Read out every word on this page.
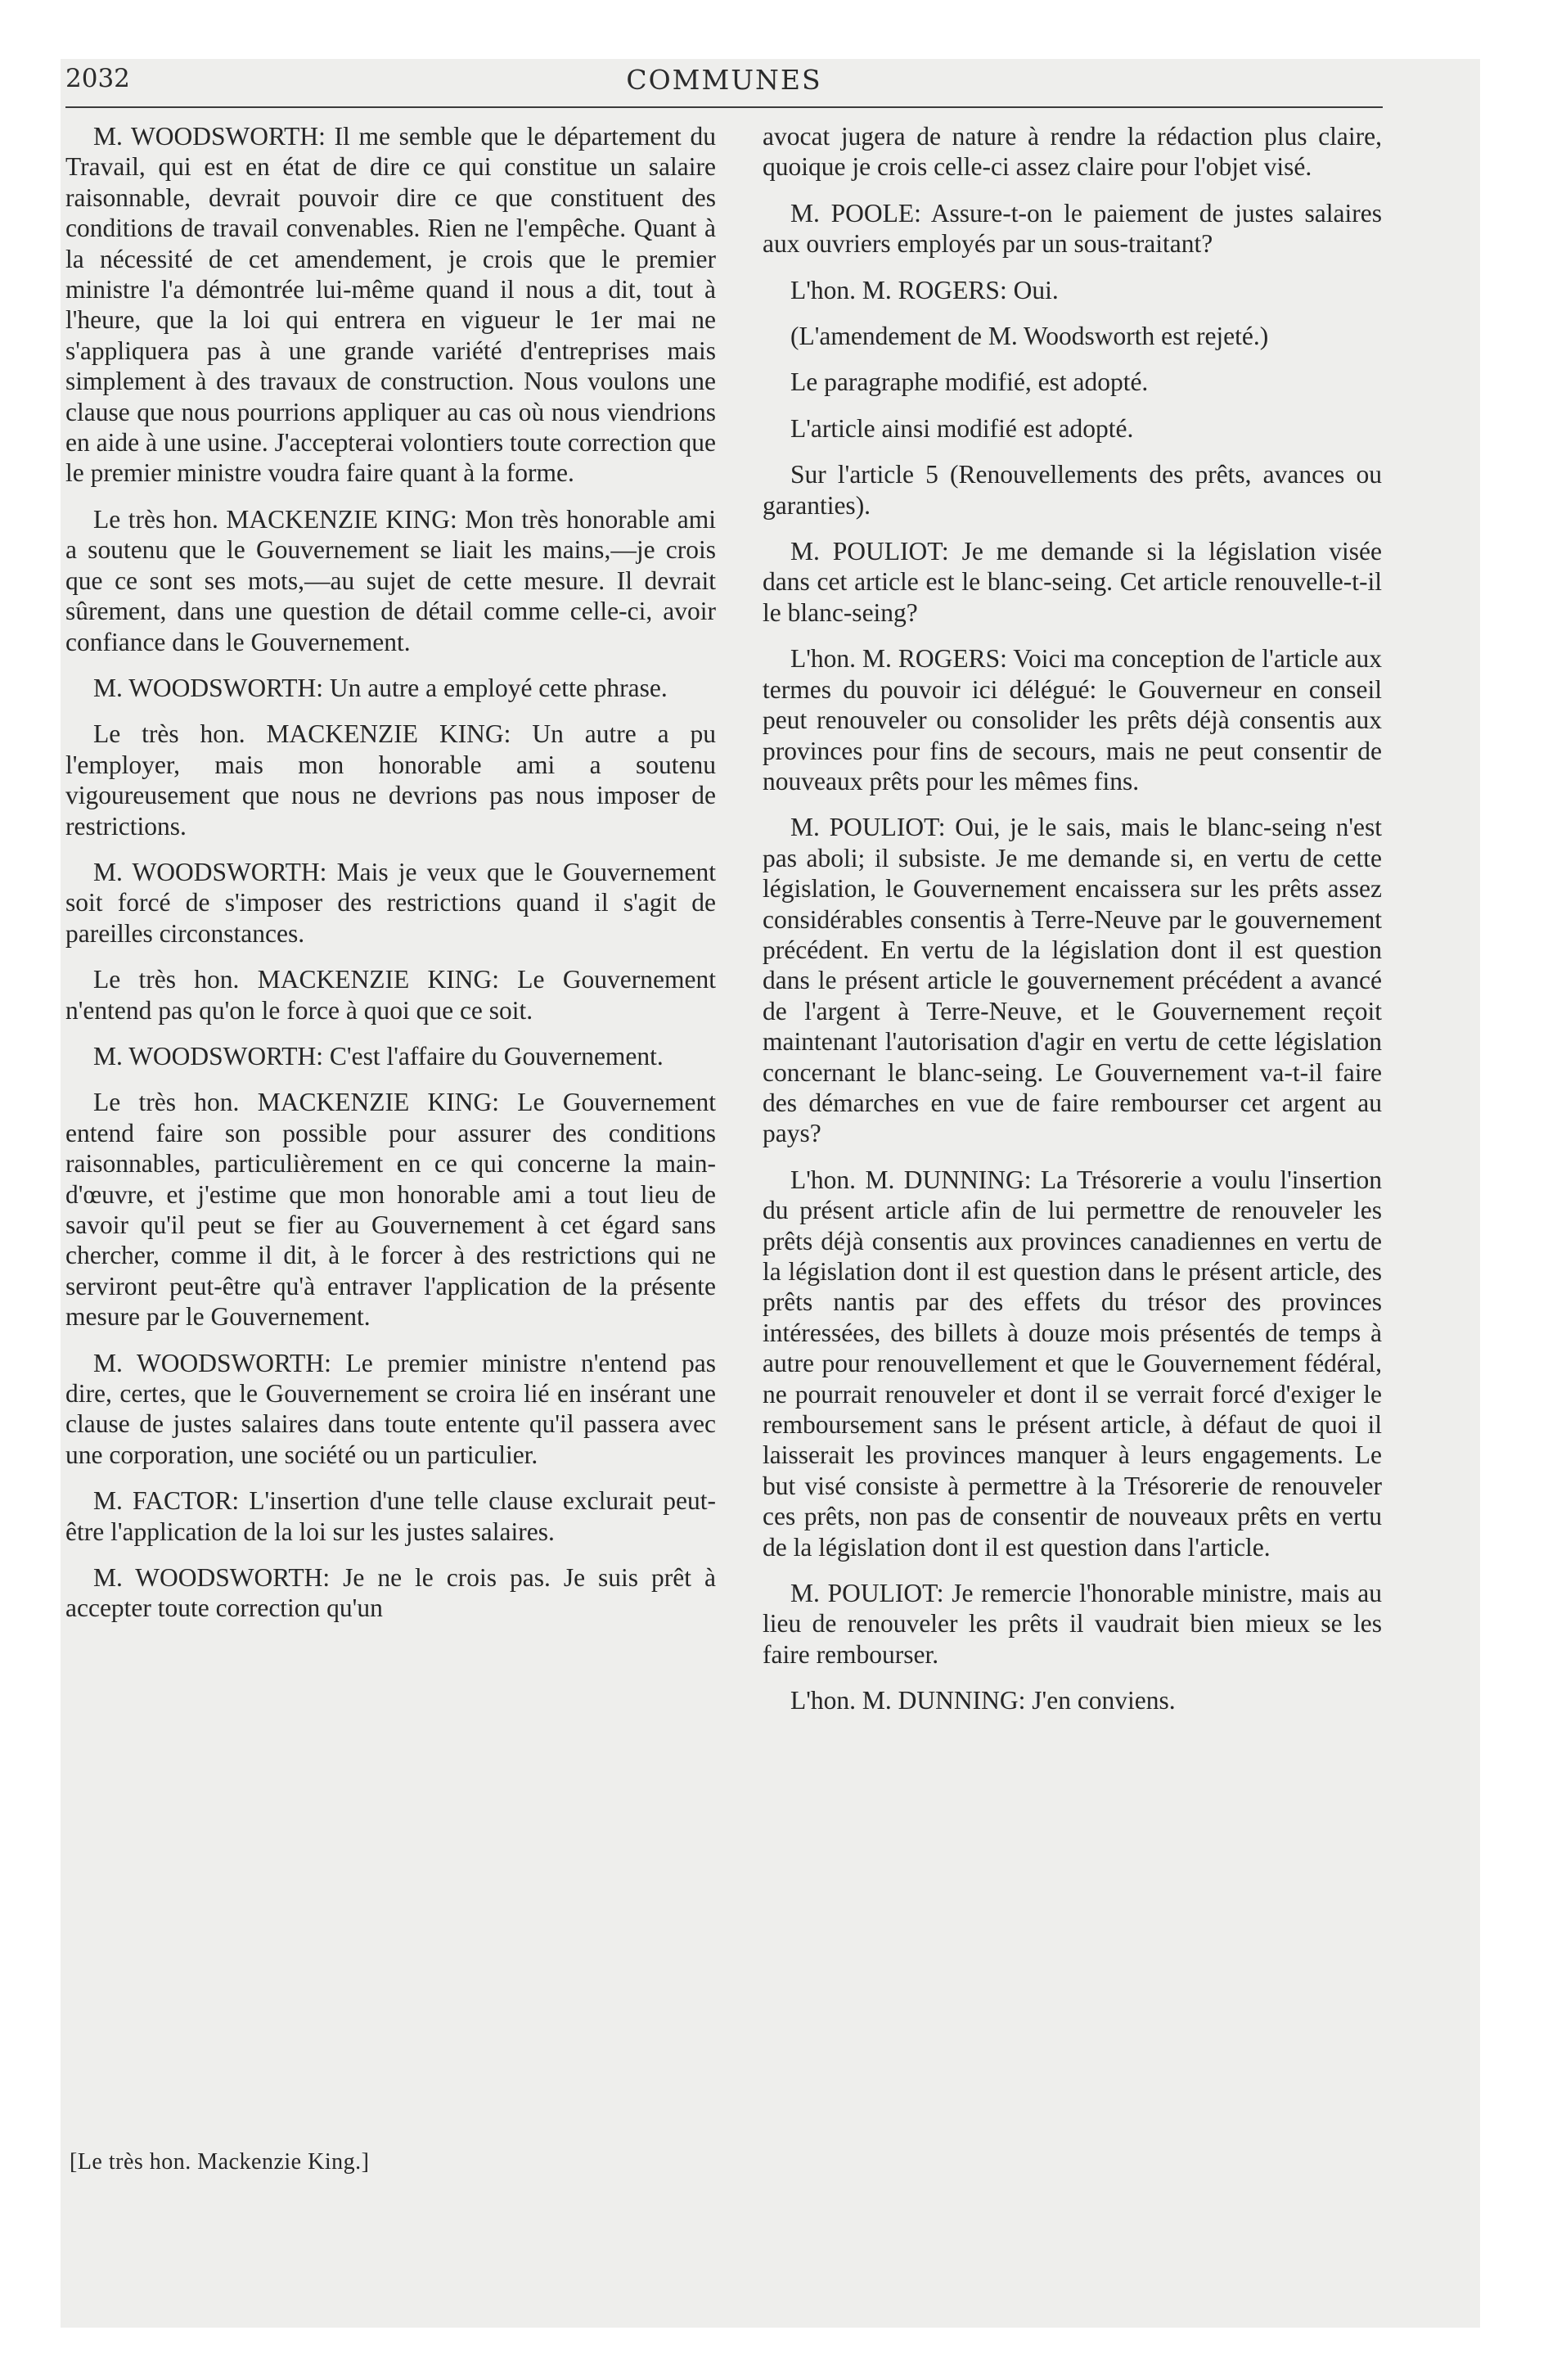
2032	COMMUNES

M. WOODSWORTH: Il me semble que le département du Travail, qui est en état de dire ce qui constitue un salaire raisonnable, devrait pouvoir dire ce que constituent des conditions de travail convenables. Rien ne l'empêche. Quant à la nécessité de cet amendement, je crois que le premier ministre l'a démontrée lui-même quand il nous a dit, tout à l'heure, que la loi qui entrera en vigueur le 1er mai ne s'appliquera pas à une grande variété d'entreprises mais simplement à des travaux de construction. Nous voulons une clause que nous pourrions appliquer au cas où nous viendrions en aide à une usine. J'accepterai volontiers toute correction que le premier ministre voudra faire quant à la forme.

Le très hon. MACKENZIE KING: Mon très honorable ami a soutenu que le Gouvernement se liait les mains,—je crois que ce sont ses mots,—au sujet de cette mesure. Il devrait sûrement, dans une question de détail comme celle-ci, avoir confiance dans le Gouvernement.

M. WOODSWORTH: Un autre a employé cette phrase.

Le très hon. MACKENZIE KING: Un autre a pu l'employer, mais mon honorable ami a soutenu vigoureusement que nous ne devrions pas nous imposer de restrictions.

M. WOODSWORTH: Mais je veux que le Gouvernement soit forcé de s'imposer des restrictions quand il s'agit de pareilles circonstances.

Le très hon. MACKENZIE KING: Le Gouvernement n'entend pas qu'on le force à quoi que ce soit.

M. WOODSWORTH: C'est l'affaire du Gouvernement.

Le très hon. MACKENZIE KING: Le Gouvernement entend faire son possible pour assurer des conditions raisonnables, particulièrement en ce qui concerne la main-d'œuvre, et j'estime que mon honorable ami a tout lieu de savoir qu'il peut se fier au Gouvernement à cet égard sans chercher, comme il dit, à le forcer à des restrictions qui ne serviront peut-être qu'à entraver l'application de la présente mesure par le Gouvernement.

M. WOODSWORTH: Le premier ministre n'entend pas dire, certes, que le Gouvernement se croira lié en insérant une clause de justes salaires dans toute entente qu'il passera avec une corporation, une société ou un particulier.

M. FACTOR: L'insertion d'une telle clause exclurait peut-être l'application de la loi sur les justes salaires.

M. WOODSWORTH: Je ne le crois pas. Je suis prêt à accepter toute correction qu'un

avocat jugera de nature à rendre la rédaction plus claire, quoique je crois celle-ci assez claire pour l'objet visé.

M. POOLE: Assure-t-on le paiement de justes salaires aux ouvriers employés par un sous-traitant?

L'hon. M. ROGERS: Oui.

(L'amendement de M. Woodsworth est rejeté.)

Le paragraphe modifié, est adopté.

L'article ainsi modifié est adopté.

Sur l'article 5 (Renouvellements des prêts, avances ou garanties).

M. POULIOT: Je me demande si la législation visée dans cet article est le blanc-seing. Cet article renouvelle-t-il le blanc-seing?

L'hon. M. ROGERS: Voici ma conception de l'article aux termes du pouvoir ici délégué: le Gouverneur en conseil peut renouveler ou consolider les prêts déjà consentis aux provinces pour fins de secours, mais ne peut consentir de nouveaux prêts pour les mêmes fins.

M. POULIOT: Oui, je le sais, mais le blanc-seing n'est pas aboli; il subsiste. Je me demande si, en vertu de cette législation, le Gouvernement encaissera sur les prêts assez considérables consentis à Terre-Neuve par le gouvernement précédent. En vertu de la législation dont il est question dans le présent article le gouvernement précédent a avancé de l'argent à Terre-Neuve, et le Gouvernement reçoit maintenant l'autorisation d'agir en vertu de cette législation concernant le blanc-seing. Le Gouvernement va-t-il faire des démarches en vue de faire rembourser cet argent au pays?

L'hon. M. DUNNING: La Trésorerie a voulu l'insertion du présent article afin de lui permettre de renouveler les prêts déjà consentis aux provinces canadiennes en vertu de la législation dont il est question dans le présent article, des prêts nantis par des effets du trésor des provinces intéressées, des billets à douze mois présentés de temps à autre pour renouvellement et que le Gouvernement fédéral, ne pourrait renouveler et dont il se verrait forcé d'exiger le remboursement sans le présent article, à défaut de quoi il laisserait les provinces manquer à leurs engagements. Le but visé consiste à permettre à la Trésorerie de renouveler ces prêts, non pas de consentir de nouveaux prêts en vertu de la législation dont il est question dans l'article.

M. POULIOT: Je remercie l'honorable ministre, mais au lieu de renouveler les prêts il vaudrait bien mieux se les faire rembourser.

L'hon. M. DUNNING: J'en conviens.

[Le très hon. Mackenzie King.]
